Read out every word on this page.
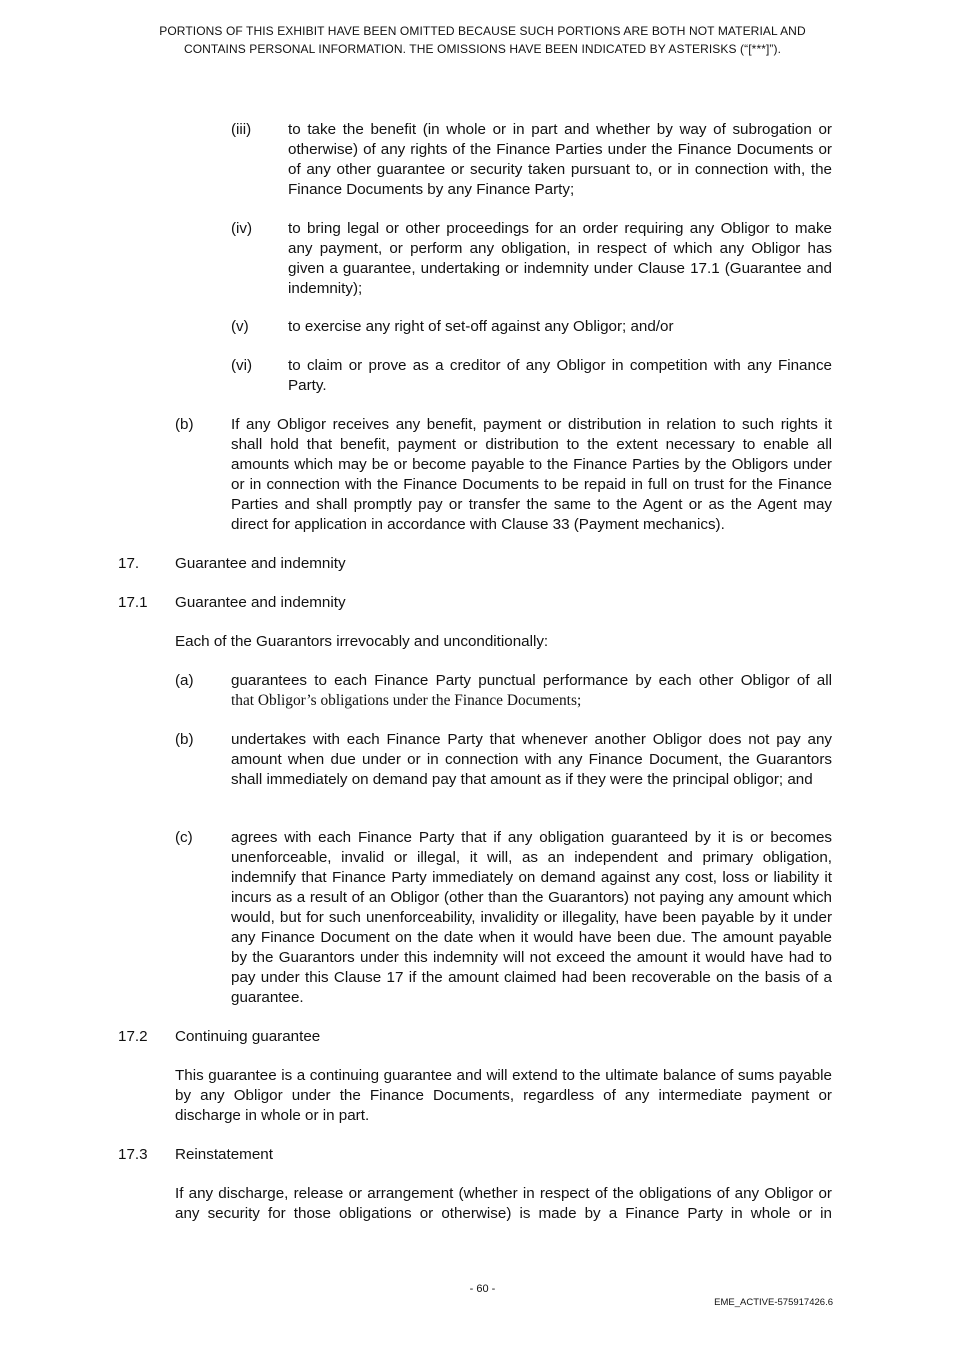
PORTIONS OF THIS EXHIBIT HAVE BEEN OMITTED BECAUSE SUCH PORTIONS ARE BOTH NOT MATERIAL AND
CONTAINS PERSONAL INFORMATION. THE OMISSIONS HAVE BEEN INDICATED BY ASTERISKS (“[***]”).
(iii) to take the benefit (in whole or in part and whether by way of subrogation or otherwise) of any rights of the Finance Parties under the Finance Documents or of any other guarantee or security taken pursuant to, or in connection with, the Finance Documents by any Finance Party;
(iv) to bring legal or other proceedings for an order requiring any Obligor to make any payment, or perform any obligation, in respect of which any Obligor has given a guarantee, undertaking or indemnity under Clause 17.1 (Guarantee and indemnity);
(v)	to exercise any right of set-off against any Obligor; and/or
(vi) to claim or prove as a creditor of any Obligor in competition with any Finance Party.
(b) If any Obligor receives any benefit, payment or distribution in relation to such rights it shall hold that benefit, payment or distribution to the extent necessary to enable all amounts which may be or become payable to the Finance Parties by the Obligors under or in connection with the Finance Documents to be repaid in full on trust for the Finance Parties and shall promptly pay or transfer the same to the Agent or as the Agent may direct for application in accordance with Clause 33 (Payment mechanics).
17. Guarantee and indemnity
17.1 Guarantee and indemnity
Each of the Guarantors irrevocably and unconditionally:
(a) guarantees to each Finance Party punctual performance by each other Obligor of all
that Obligor’s obligations under the Finance Documents;
(b) undertakes with each Finance Party that whenever another Obligor does not pay any amount when due under or in connection with any Finance Document, the Guarantors shall immediately on demand pay that amount as if they were the principal obligor; and
(c)	agrees with each Finance Party that if any obligation guaranteed by it is or becomes unenforceable, invalid or illegal, it will, as an independent and primary obligation, indemnify that Finance Party immediately on demand against any cost, loss or liability it incurs as a result of an Obligor (other than the Guarantors) not paying any amount which would, but for such unenforceability, invalidity or illegality, have been payable by it under any Finance Document on the date when it would have been due. The amount payable by the Guarantors under this indemnity will not exceed the amount it would have had to pay under this Clause 17 if the amount claimed had been recoverable on the basis of a guarantee.
17.2 Continuing guarantee
This guarantee is a continuing guarantee and will extend to the ultimate balance of sums payable by any Obligor under the Finance Documents, regardless of any intermediate payment or discharge in whole or in part.
17.3 Reinstatement
If any discharge, release or arrangement (whether in respect of the obligations of any Obligor or any security for those obligations or otherwise) is made by a Finance Party in whole or in
- 60 -
EME_ACTIVE-575917426.6
